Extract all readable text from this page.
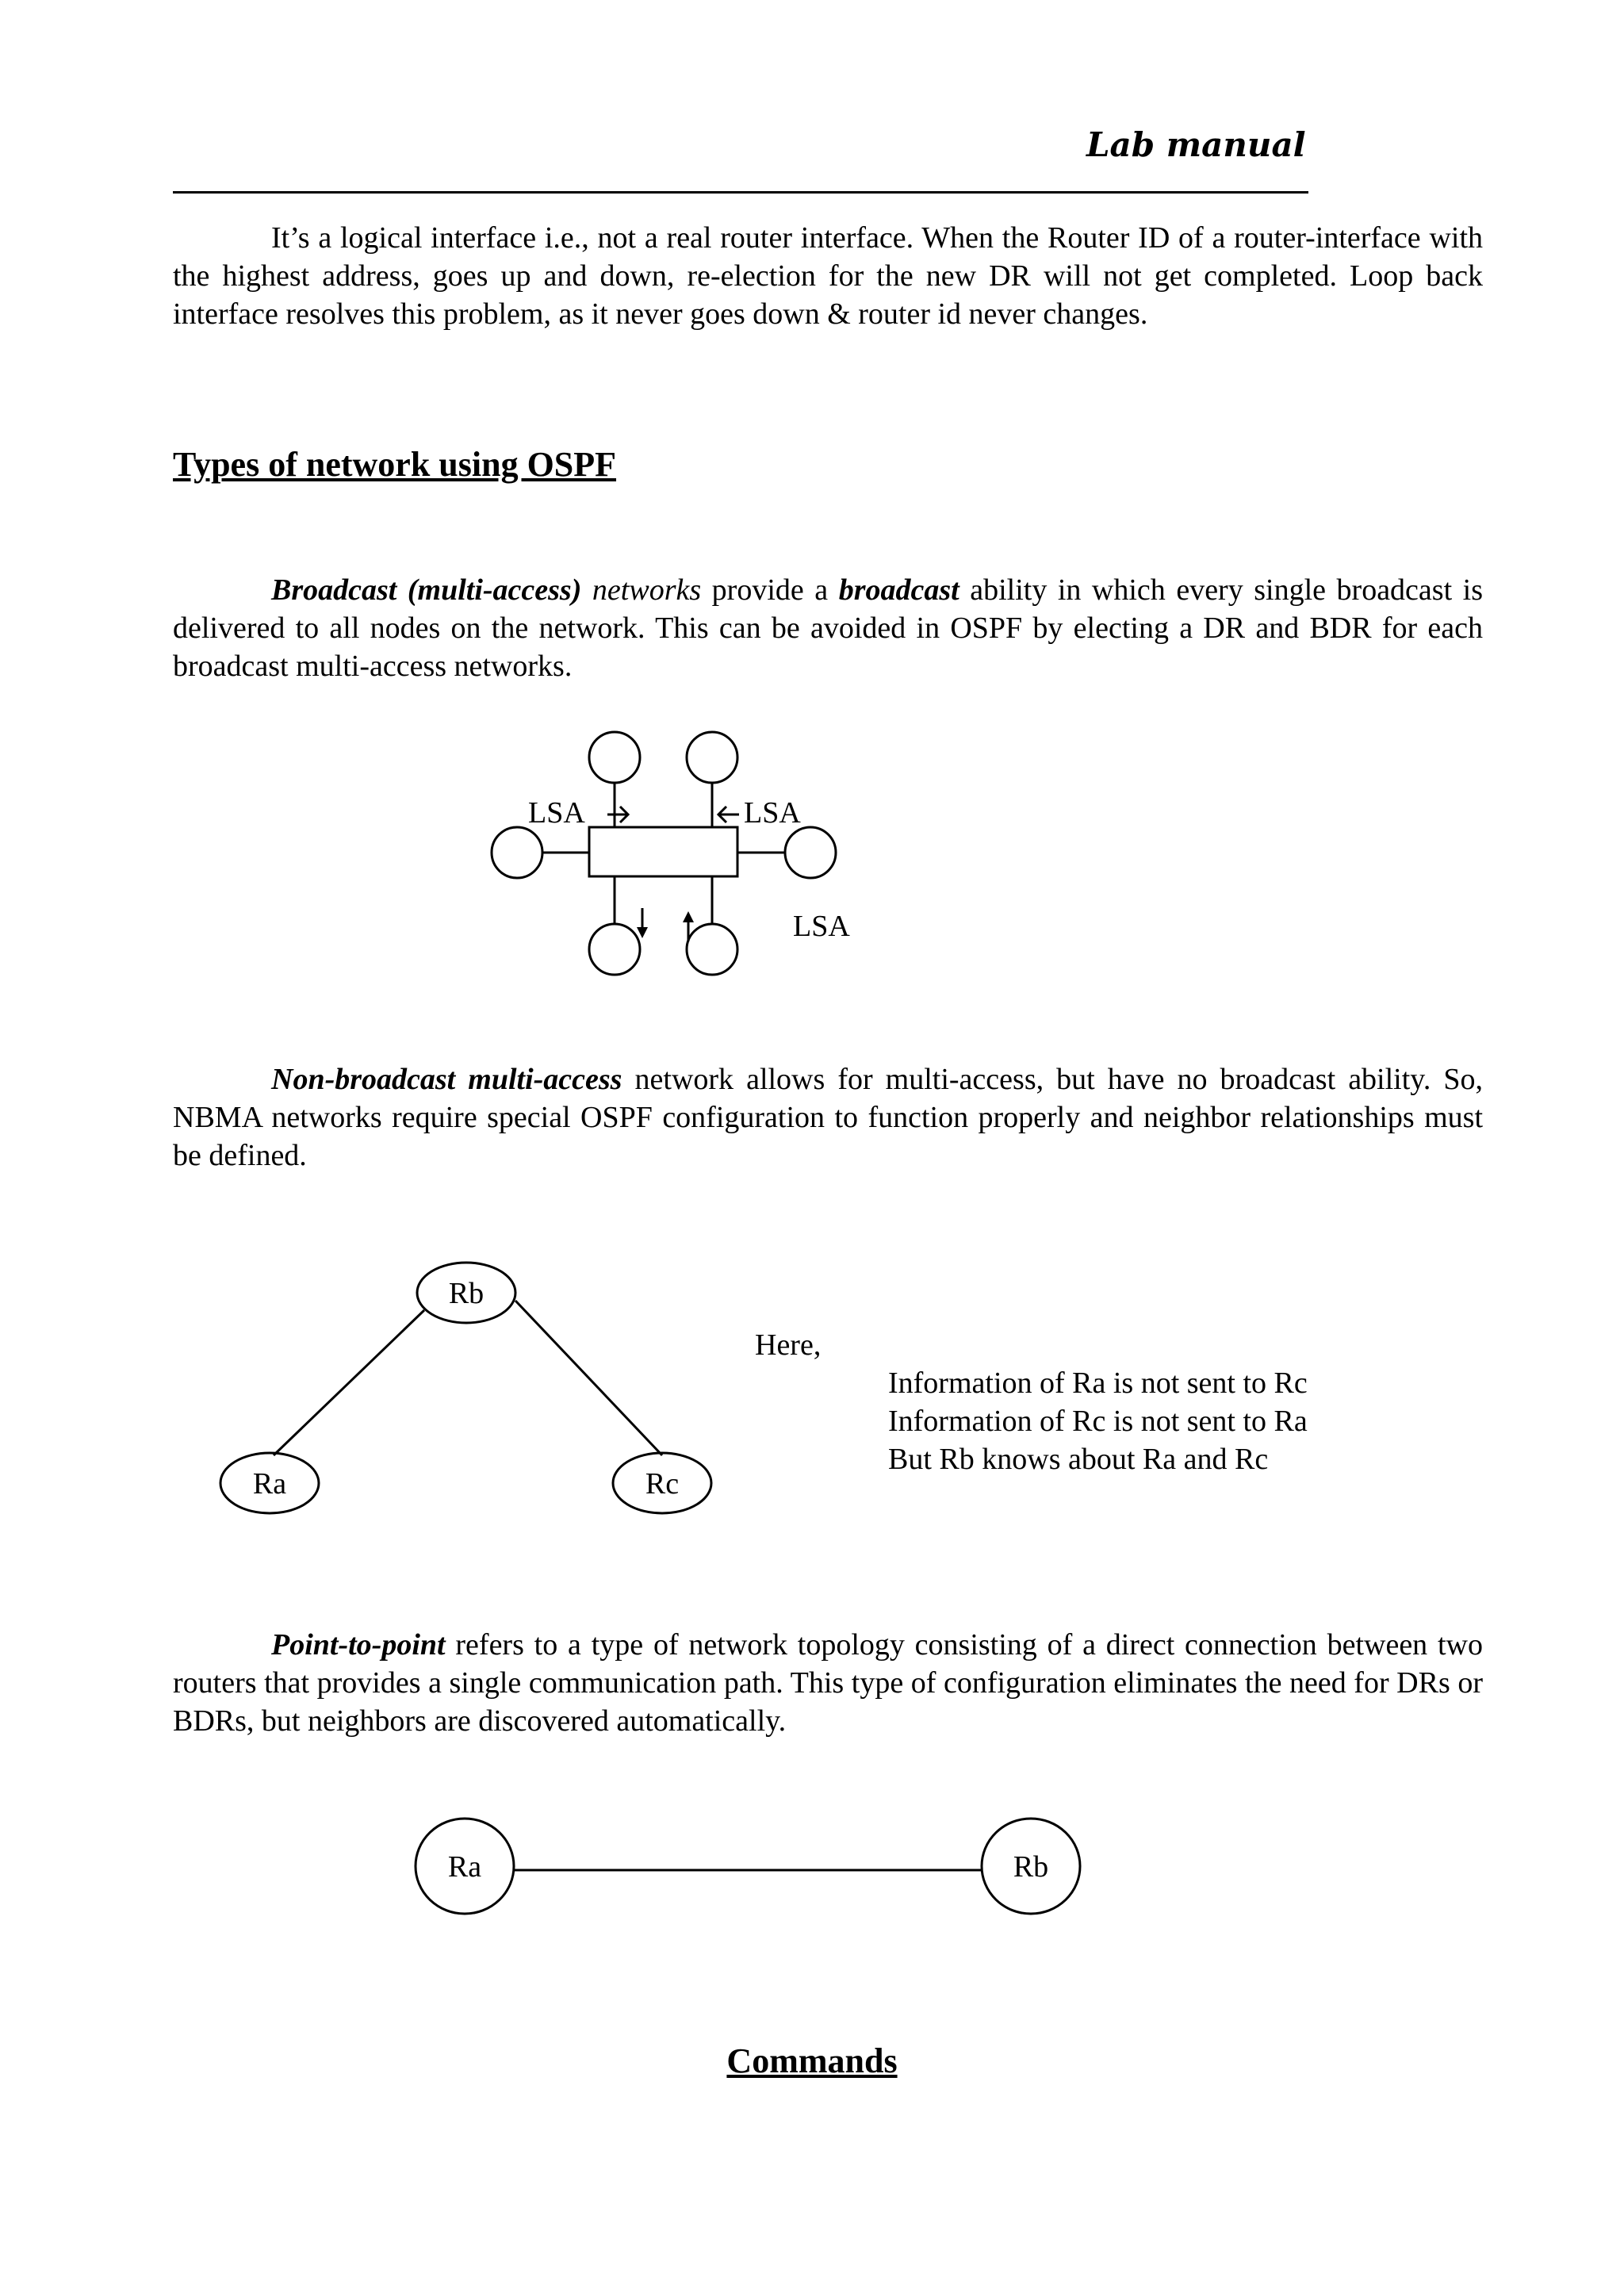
Lab manual

It’s a logical interface i.e., not a real router interface. When the Router ID of a router-interface with the highest address, goes up and down, re-election for the new DR will not get completed. Loop back interface resolves this problem, as it never goes down & router id never changes.

Types of network using OSPF

Broadcast (multi-access) networks provide a broadcast ability in which every single broadcast is delivered to all nodes on the network. This can be avoided in OSPF by electing a DR and BDR for each broadcast multi-access networks.

LSA	LSA
LSA

Non-broadcast multi-access network allows for multi-access, but have no broadcast ability. So, NBMA networks require special OSPF configuration to function properly and neighbor relationships must be defined.

Rb
Ra	Rc

Here,

Information of Ra is not sent to Rc

Information of Rc is not sent to Ra

But Rb knows about Ra and Rc

Point-to-point refers to a type of network topology consisting of a direct connection between two routers that provides a single communication path. This type of configuration eliminates the need for DRs or BDRs, but neighbors are discovered automatically.

Ra	Rb
Commands
